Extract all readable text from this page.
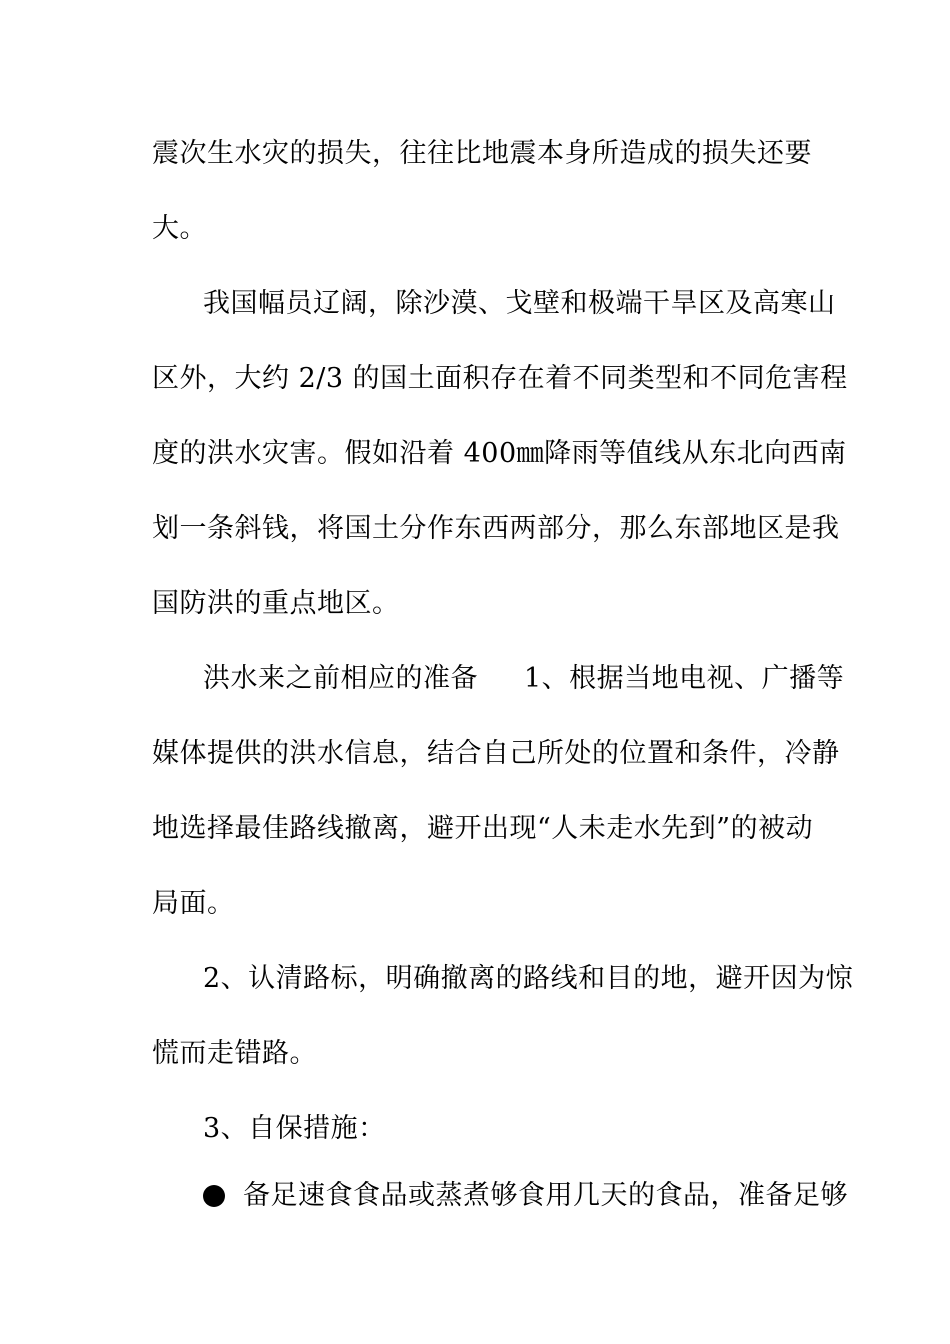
震次生水灾的损失，往往比地震本身所造成的损失还要
大。
我国幅员辽阔，除沙漠、戈壁和极端干旱区及高寒山
区外，大约 2/3 的国土面积存在着不同类型和不同危害程
度的洪水灾害。假如沿着 400㎜降雨等值线从东北向西南
划一条斜钱，将国土分作东西两部分，那么东部地区是我
国防洪的重点地区。
洪水来之前相应的准备 1、根据当地电视、广播等
媒体提供的洪水信息，结合自己所处的位置和条件，冷静
地选择最佳路线撤离，避开出现“人未走水先到”的被动
局面。
2、认清路标，明确撤离的路线和目的地，避开因为惊
慌而走错路。
3、自保措施：
备足速食食品或蒸煮够食用几天的食品，准备足够
